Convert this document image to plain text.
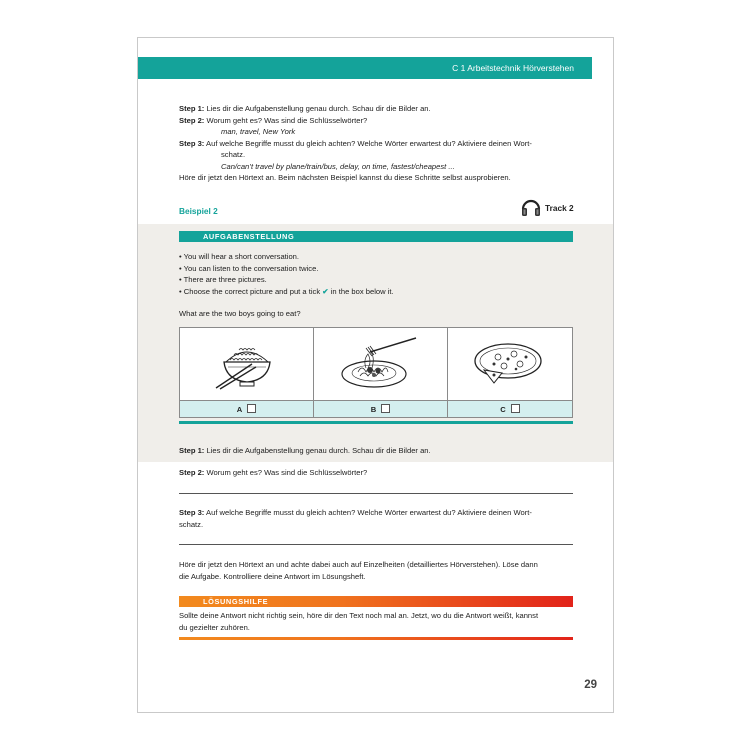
C 1 Arbeitstechnik Hörverstehen
Step 1: Lies dir die Aufgabenstellung genau durch. Schau dir die Bilder an.
Step 2: Worum geht es? Was sind die Schlüsselwörter?
man, travel, New York
Step 3: Auf welche Begriffe musst du gleich achten? Welche Wörter erwartest du? Aktiviere deinen Wort-
schatz.
Can/can’t travel by plane/train/bus, delay, on time, fastest/cheapest ...
Höre dir jetzt den Hörtext an. Beim nächsten Beispiel kannst du diese Schritte selbst ausprobieren.
Beispiel 2	Track 2
AUFGABENSTELLUNG
• You will hear a short conversation.
• You can listen to the conversation twice.
• There are three pictures.
• Choose the correct picture and put a tick ✔ in the box below it.
What are the two boys going to eat?

A	B	C
Step 1: Lies dir die Aufgabenstellung genau durch. Schau dir die Bilder an.
Step 2: Worum geht es? Was sind die Schlüsselwörter?
Step 3: Auf welche Begriffe musst du gleich achten? Welche Wörter erwartest du? Aktiviere deinen Wort-
schatz.
Höre dir jetzt den Hörtext an und achte dabei auch auf Einzelheiten (detailliertes Hörverstehen). Löse dann
die Aufgabe. Kontrolliere deine Antwort im Lösungsheft.
LÖSUNGSHILFE
Sollte deine Antwort nicht richtig sein, höre dir den Text noch mal an. Jetzt, wo du die Antwort weißt, kannst
du gezielter zuhören.
29
